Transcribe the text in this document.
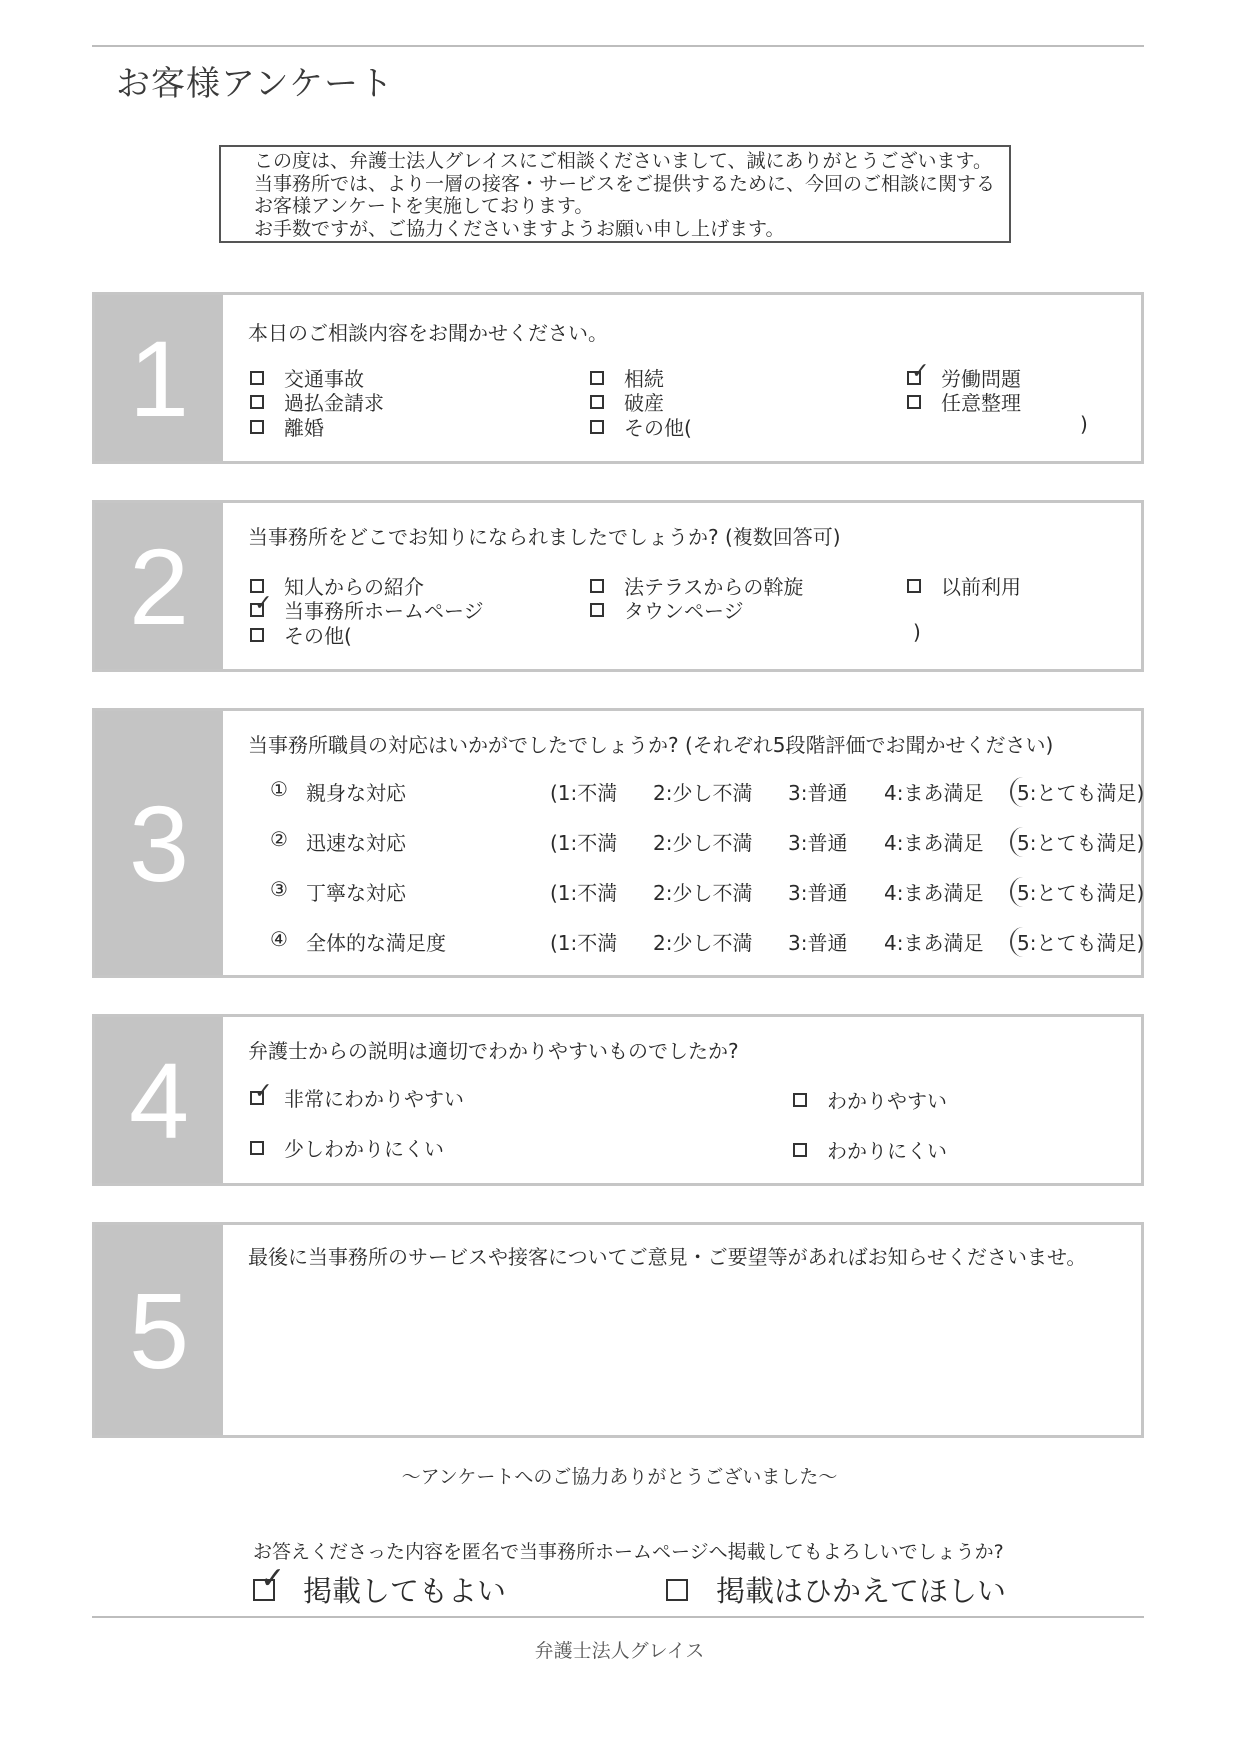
お客様アンケート
この度は、弁護士法人グレイスにご相談くださいまして、誠にありがとうございます。
当事務所では、より一層の接客・サービスをご提供するために、今回のご相談に関する
お客様アンケートを実施しております。
お手数ですが、ご協力くださいますようお願い申し上げます。
1	本日のご相談内容をお聞かせください。
交通事故
過払金請求
離婚
相続
破産
その他(	)
✓ 労働問題
任意整理
2	当事務所をどこでお知りになられましたでしょうか? (複数回答可)
知人からの紹介
✓ 当事務所ホームページ
その他(	)
法テラスからの斡旋
タウンページ
以前利用
3
当事務所職員の対応はいかがでしたでしょうか? (それぞれ5段階評価でお聞かせください)
① 親身な対応	(1:不満 2:少し不満 3:普通 4:まあ満足 5:とても満足)
② 迅速な対応	(1:不満 2:少し不満 3:普通 4:まあ満足 5:とても満足)
③ 丁寧な対応	(1:不満 2:少し不満 3:普通 4:まあ満足 5:とても満足)
④ 全体的な満足度	(1:不満 2:少し不満 3:普通 4:まあ満足 5:とても満足)
4	弁護士からの説明は適切でわかりやすいものでしたか?
✓ 非常にわかりやすい
少しわかりにくい
わかりやすい
わかりにくい
5
最後に当事務所のサービスや接客についてご意見・ご要望等があればお知らせくださいませ。
〜アンケートへのご協力ありがとうございました〜
お答えくださった内容を匿名で当事務所ホームページへ掲載してもよろしいでしょうか?
✓ 掲載してもよい	掲載はひかえてほしい
弁護士法人グレイス
